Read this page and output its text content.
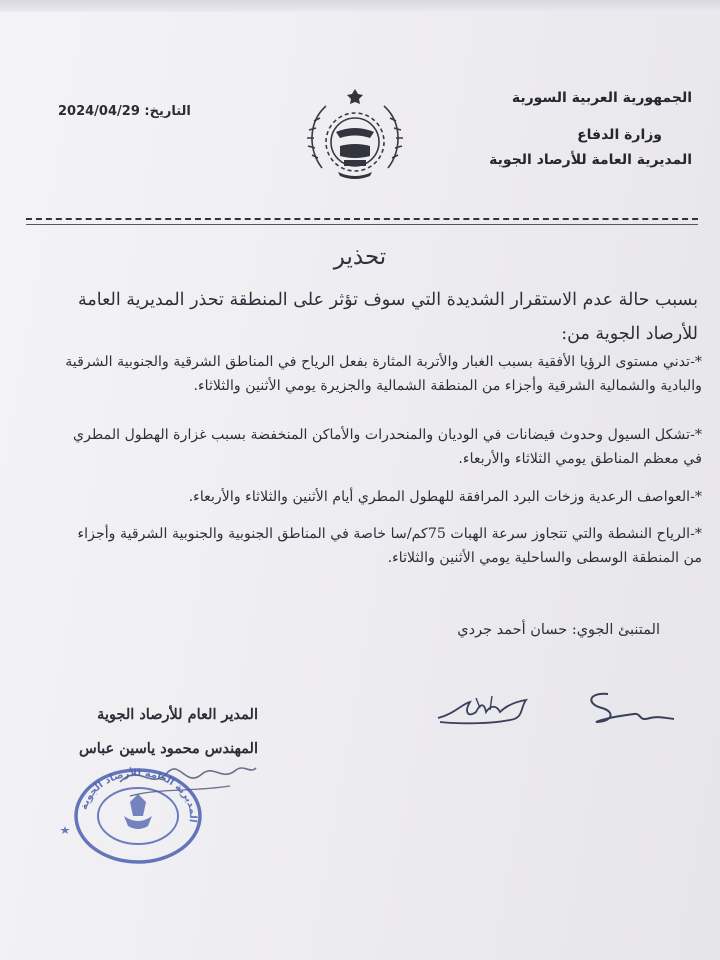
الجمهورية العربية السورية
وزارة الدفاع
المديرية العامة للأرصاد الجوية
التاريخ: 2024/04/29
تحذير
بسبب حالة عدم الاستقرار الشديدة التي سوف تؤثر على المنطقة تحذر المديرية العامة
للأرصاد الجوية من:
*-تدني مستوى الرؤيا الأفقية بسبب الغبار والأتربة المثارة بفعل الرياح في المناطق الشرقية والجنوبية الشرقية
والبادية والشمالية الشرقية وأجزاء من المنطقة الشمالية والجزيرة يومي الأثنين والثلاثاء.
*-تشكل السيول وحدوث فيضانات في الوديان والمنحدرات والأماكن المنخفضة بسبب غزارة الهطول المطري
في معظم المناطق يومي الثلاثاء والأربعاء.
*-العواصف الرعدية وزخات البرد المرافقة للهطول المطري أيام الأثنين والثلاثاء والأربعاء.
*-الرياح النشطة والتي تتجاوز سرعة الهبات 75كم/سا خاصة في المناطق الجنوبية والجنوبية الشرقية وأجزاء
من المنطقة الوسطى والساحلية يومي الأثنين والثلاثاء.
المتنبئ الجوي: حسان أحمد جردي
المدير العام للأرصاد الجوية
المهندس محمود ياسين عباس
المديرية العامة للأرصاد الجوية
